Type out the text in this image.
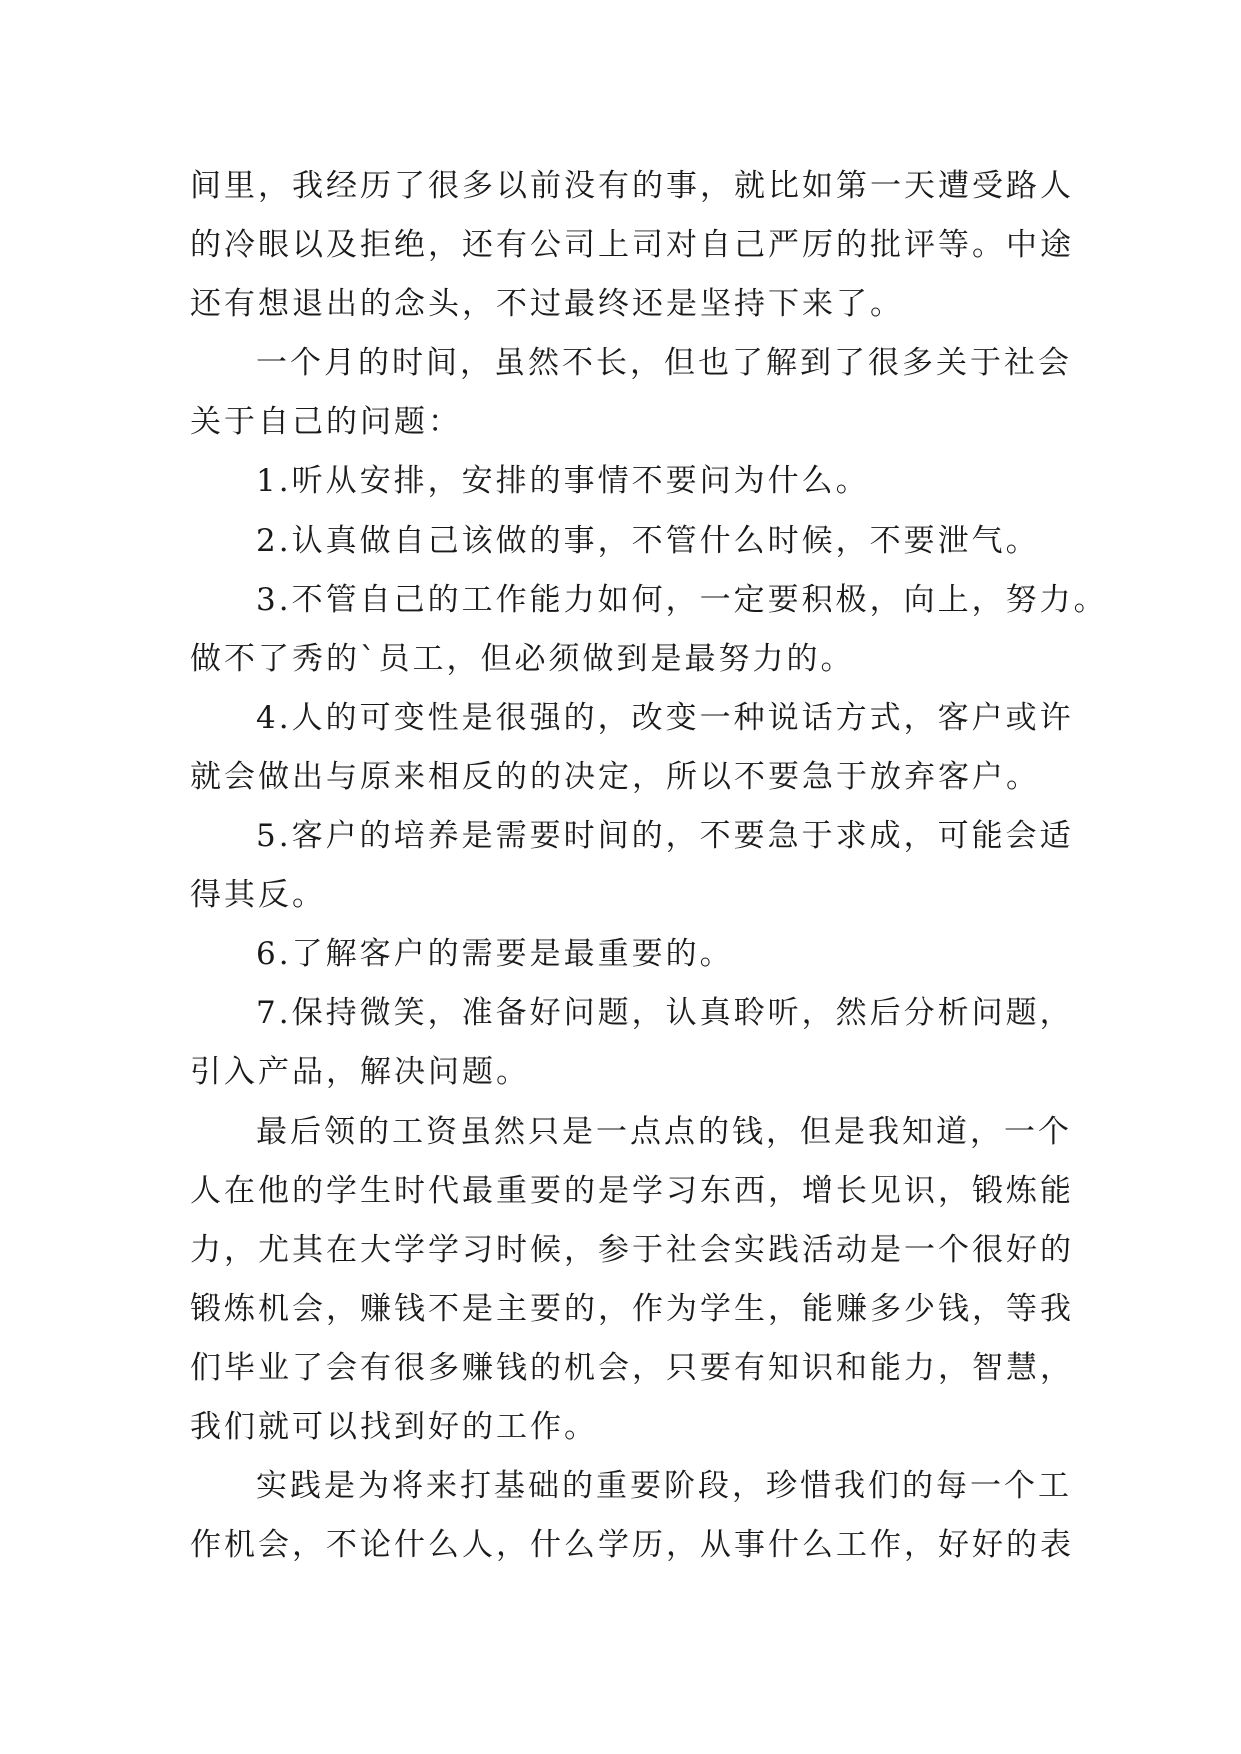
间里，我经历了很多以前没有的事，就比如第一天遭受路人
的冷眼以及拒绝，还有公司上司对自己严厉的批评等。中途
还有想退出的念头，不过最终还是坚持下来了。
一个月的时间，虽然不长，但也了解到了很多关于社会
关于自己的问题：
1.听从安排，安排的事情不要问为什么。
2.认真做自己该做的事，不管什么时候，不要泄气。
3.不管自己的工作能力如何，一定要积极，向上，努力。
做不了秀的`员工，但必须做到是最努力的。
4.人的可变性是很强的，改变一种说话方式，客户或许
就会做出与原来相反的的决定，所以不要急于放弃客户。
5.客户的培养是需要时间的，不要急于求成，可能会适
得其反。
6.了解客户的需要是最重要的。
7.保持微笑，准备好问题，认真聆听，然后分析问题，
引入产品，解决问题。
最后领的工资虽然只是一点点的钱，但是我知道，一个
人在他的学生时代最重要的是学习东西，增长见识，锻炼能
力，尤其在大学学习时候，参于社会实践活动是一个很好的
锻炼机会，赚钱不是主要的，作为学生，能赚多少钱，等我
们毕业了会有很多赚钱的机会，只要有知识和能力，智慧，
我们就可以找到好的工作。
实践是为将来打基础的重要阶段，珍惜我们的每一个工
作机会，不论什么人，什么学历，从事什么工作，好好的表
